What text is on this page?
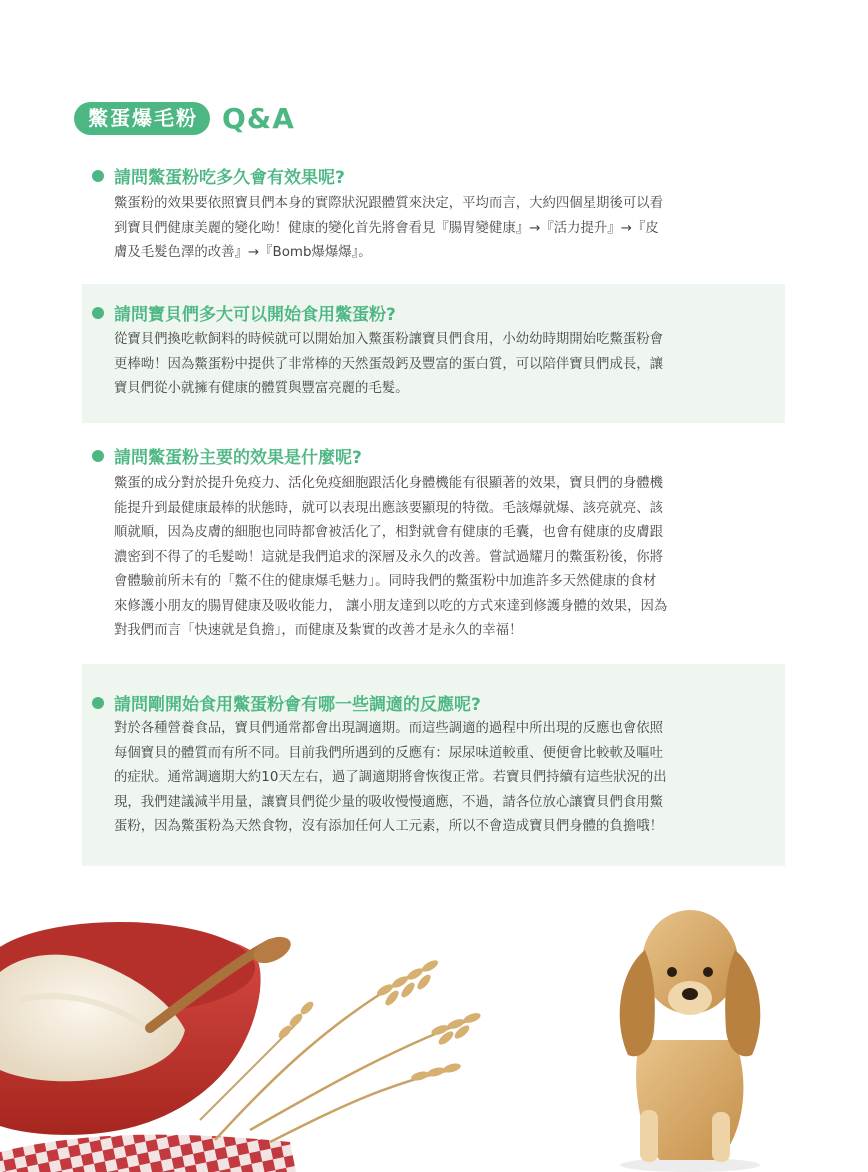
鱉蛋爆毛粉 Q&A
請問鱉蛋粉吃多久會有效果呢?

鱉蛋粉的效果要依照寶貝們本身的實際狀況跟體質來決定，平均而言，大約四個星期後可以看
到寶貝們健康美麗的變化呦！健康的變化首先將會看見『腸胃變健康』→『活力提升』→『皮
膚及毛髮色澤的改善』→『Bomb爆爆爆』。

請問寶貝們多大可以開始食用鱉蛋粉?

從寶貝們換吃軟飼料的時候就可以開始加入鱉蛋粉讓寶貝們食用，小幼幼時期開始吃鱉蛋粉會
更棒呦！因為鱉蛋粉中提供了非常棒的天然蛋殼鈣及豐富的蛋白質，可以陪伴寶貝們成長，讓
寶貝們從小就擁有健康的體質與豐富亮麗的毛髮。

請問鱉蛋粉主要的效果是什麼呢?

鱉蛋的成分對於提升免疫力、活化免疫細胞跟活化身體機能有很顯著的效果，寶貝們的身體機
能提升到最健康最棒的狀態時，就可以表現出應該要顯現的特徵。毛該爆就爆、該亮就亮、該
順就順，因為皮膚的細胞也同時都會被活化了，相對就會有健康的毛囊，也會有健康的皮膚跟
濃密到不得了的毛髮呦！這就是我們追求的深層及永久的改善。嘗試過耀月的鱉蛋粉後，你將
會體驗前所未有的「鱉不住的健康爆毛魅力」。同時我們的鱉蛋粉中加進許多天然健康的食材
來修護小朋友的腸胃健康及吸收能力， 讓小朋友達到以吃的方式來達到修護身體的效果，因為
對我們而言「快速就是負擔」，而健康及紮實的改善才是永久的幸福！

請問剛開始食用鱉蛋粉會有哪一些調適的反應呢?

對於各種營養食品，寶貝們通常都會出現調適期。而這些調適的過程中所出現的反應也會依照
每個寶貝的體質而有所不同。目前我們所遇到的反應有：尿尿味道較重、便便會比較軟及嘔吐
的症狀。通常調適期大約10天左右，過了調適期將會恢復正常。若寶貝們持續有這些狀況的出
現，我們建議減半用量，讓寶貝們從少量的吸收慢慢適應，不過，請各位放心讓寶貝們食用鱉
蛋粉，因為鱉蛋粉為天然食物，沒有添加任何人工元素，所以不會造成寶貝們身體的負擔哦！
